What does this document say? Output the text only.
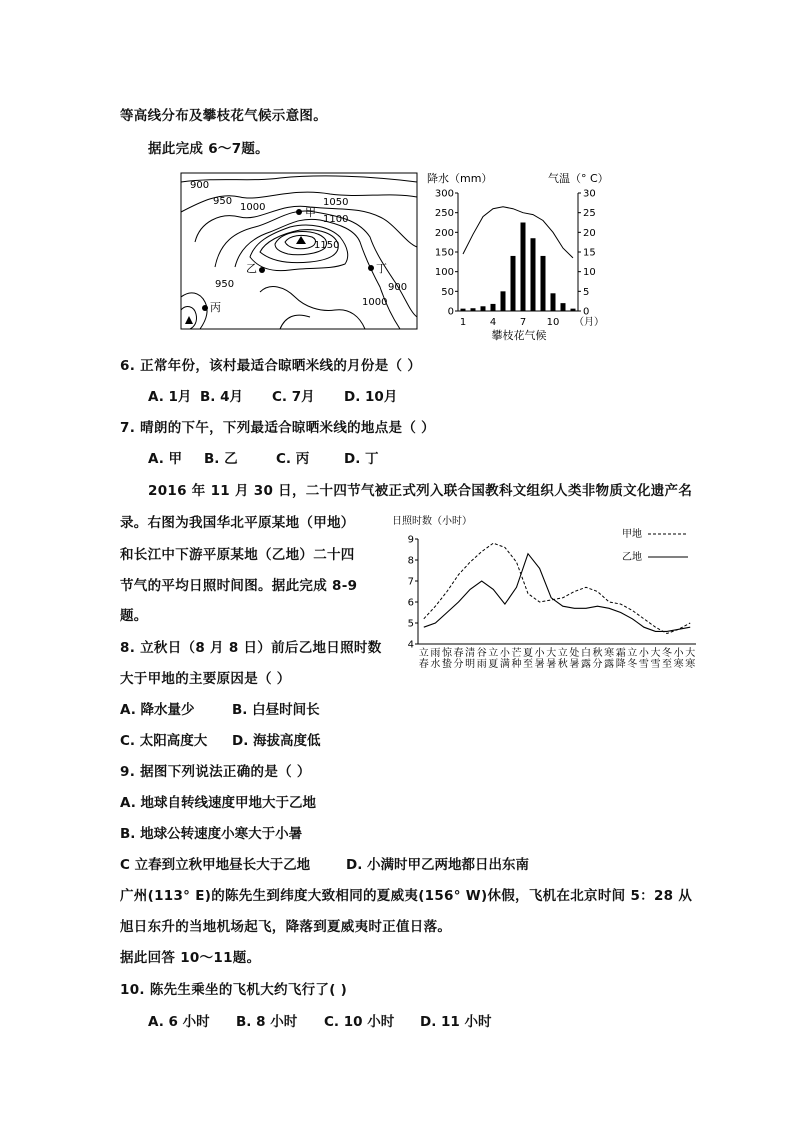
等高线分布及攀枝花气候示意图。
据此完成 6～7题。
900
950
1000	1050
1100
1150
950	900
1000
甲
乙
丙
丁
降水（mm）	气温（° C）
0
50
100
150
200
250
300
0
5
10
15
20
25
30
1 4 7 10 （月）
攀枝花气候
6. 正常年份，该村最适合晾晒米线的月份是（ ）
A. 1月 B. 4月 C. 7月 D. 10月
7. 晴朗的下午，下列最适合晾晒米线的地点是（ ）
A. 甲 B. 乙	C. 丙	D. 丁
2016 年 11 月 30 日，二十四节气被正式列入联合国教科文组织人类非物质文化遗产名
录。右图为我国华北平原某地（甲地）
和长江中下游平原某地（乙地）二十四
节气的平均日照时间图。据此完成 8-9
题。
日照时数（小时）
4
5
6
7
8
9
立春
雨水
惊蛰
春分
清明
谷雨
立夏
小满
芒种
夏至
小暑
大暑
立秋
处暑
白露
秋分
寒露
霜降
立冬
小雪
大雪
冬至
小寒
大寒
甲地
乙地
8. 立秋日（8 月 8 日）前后乙地日照时数
大于甲地的主要原因是（ ）
A. 降水量少	B. 白昼时间长
C. 太阳高度大 D. 海拔高度低
9. 据图下列说法正确的是（ ）
A. 地球自转线速度甲地大于乙地
B. 地球公转速度小寒大于小暑
C 立春到立秋甲地昼长大于乙地	D. 小满时甲乙两地都日出东南
广州(113° E)的陈先生到纬度大致相同的夏威夷(156° W)休假，飞机在北京时间 5：28 从
旭日东升的当地机场起飞，降落到夏威夷时正值日落。
据此回答 10～11题。
10. 陈先生乘坐的飞机大约飞行了( )
A. 6 小时 B. 8 小时 C. 10 小时 D. 11 小时
